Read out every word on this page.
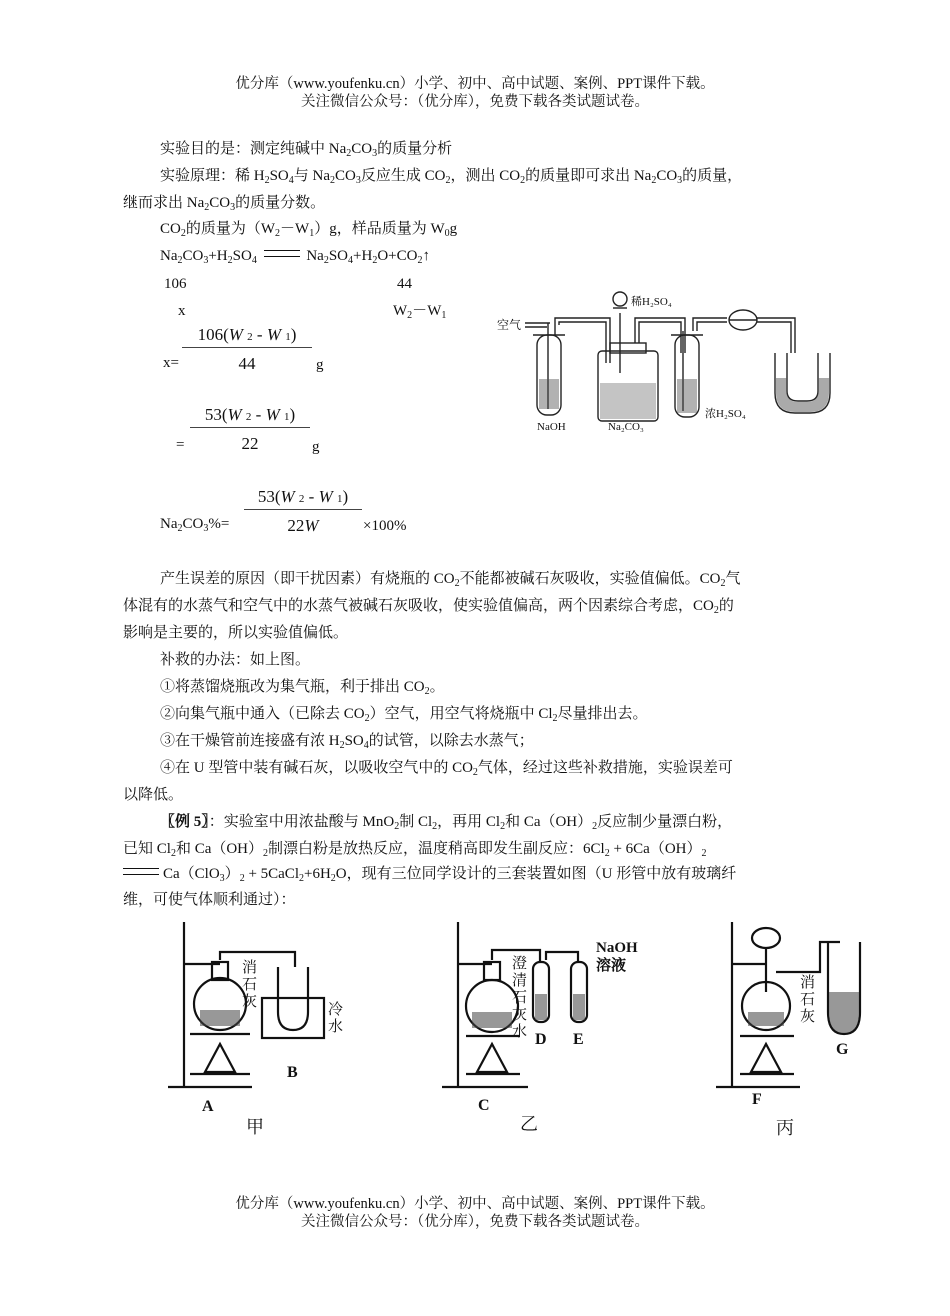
优分库（www.youfenku.cn）小学、初中、高中试题、案例、PPT课件下载。
关注微信公众号：（优分库），免费下载各类试题试卷。
实验目的是：测定纯碱中 $Na_2CO_3$的质量分析
实验原理：稀 $H_2SO_4$与 $Na_2CO_3$反应生成 $CO_2$，测出 $CO_2$的质量即可求出 $Na_2CO_3$的质量，
继而求出 $Na_2CO_3$的质量分数。
$CO_2$的质量为$(W_2-W_1)g$，样品质量为 $W_0g$
$Na_2CO_3+H_2SO_4$	$Na_2SO_4+H_2O+CO_2↑$
106	44
x	$W_2-W_1$
$x= \frac{106(W 2 - W 1)}{44}$ g
= $\frac{53(W 2 - W 1)}{22}$ g
$Na_2CO_3\%= \frac{53(W 2 - W 1)}{22W} \times 100\%$
空气
稀H₂SO₄
NaOH	Na₂CO₃
浓H₂SO₄
产生误差的原因（即干扰因素）有烧瓶的 $CO_2$不能都被碱石灰吸收，实验值偏低。$CO_2$气
体混有的水蒸气和空气中的水蒸气被碱石灰吸收，使实验值偏高，两个因素综合考虑，$CO_2$的
影响是主要的，所以实验值偏低。
补救的办法：如上图。
①将蒸馏烧瓶改为集气瓶，利于排出 $CO_2$。
②向集气瓶中通入（已除去 $CO_2$）空气，用空气将烧瓶中 $Cl_2$尽量排出去。
③在干燥管前连接盛有浓 $H_2SO_4$的试管，以除去水蒸气；
④在 U 型管中装有碱石灰，以吸收空气中的 $CO_2$气体，经过这些补救措施，实验误差可
以降低。
〖例 5〗：实验室中用浓盐酸与 MnO$_2$制 $Cl_2$，再用 $Cl_2$和 $Ca(OH)_2$反应制少量漂白粉，
已知 $Cl_2$和 $Ca(OH)_2$制漂白粉是放热反应，温度稍高即发生副反应：$6Cl_2 + 6Ca(OH)_2$
$Ca(ClO_3)_2$ + $5CaCl_2+6H_2O$，现有三位同学设计的三套装置如图（U 形管中放有玻璃纤
维，可使气体顺利通过）：
消石灰	冷水
A
B
甲
澄清石灰水
NaOH 溶液
C
D E
乙
消石灰
F
G
丙
优分库（www.youfenku.cn）小学、初中、高中试题、案例、PPT课件下载。
关注微信公众号：（优分库），免费下载各类试题试卷。
